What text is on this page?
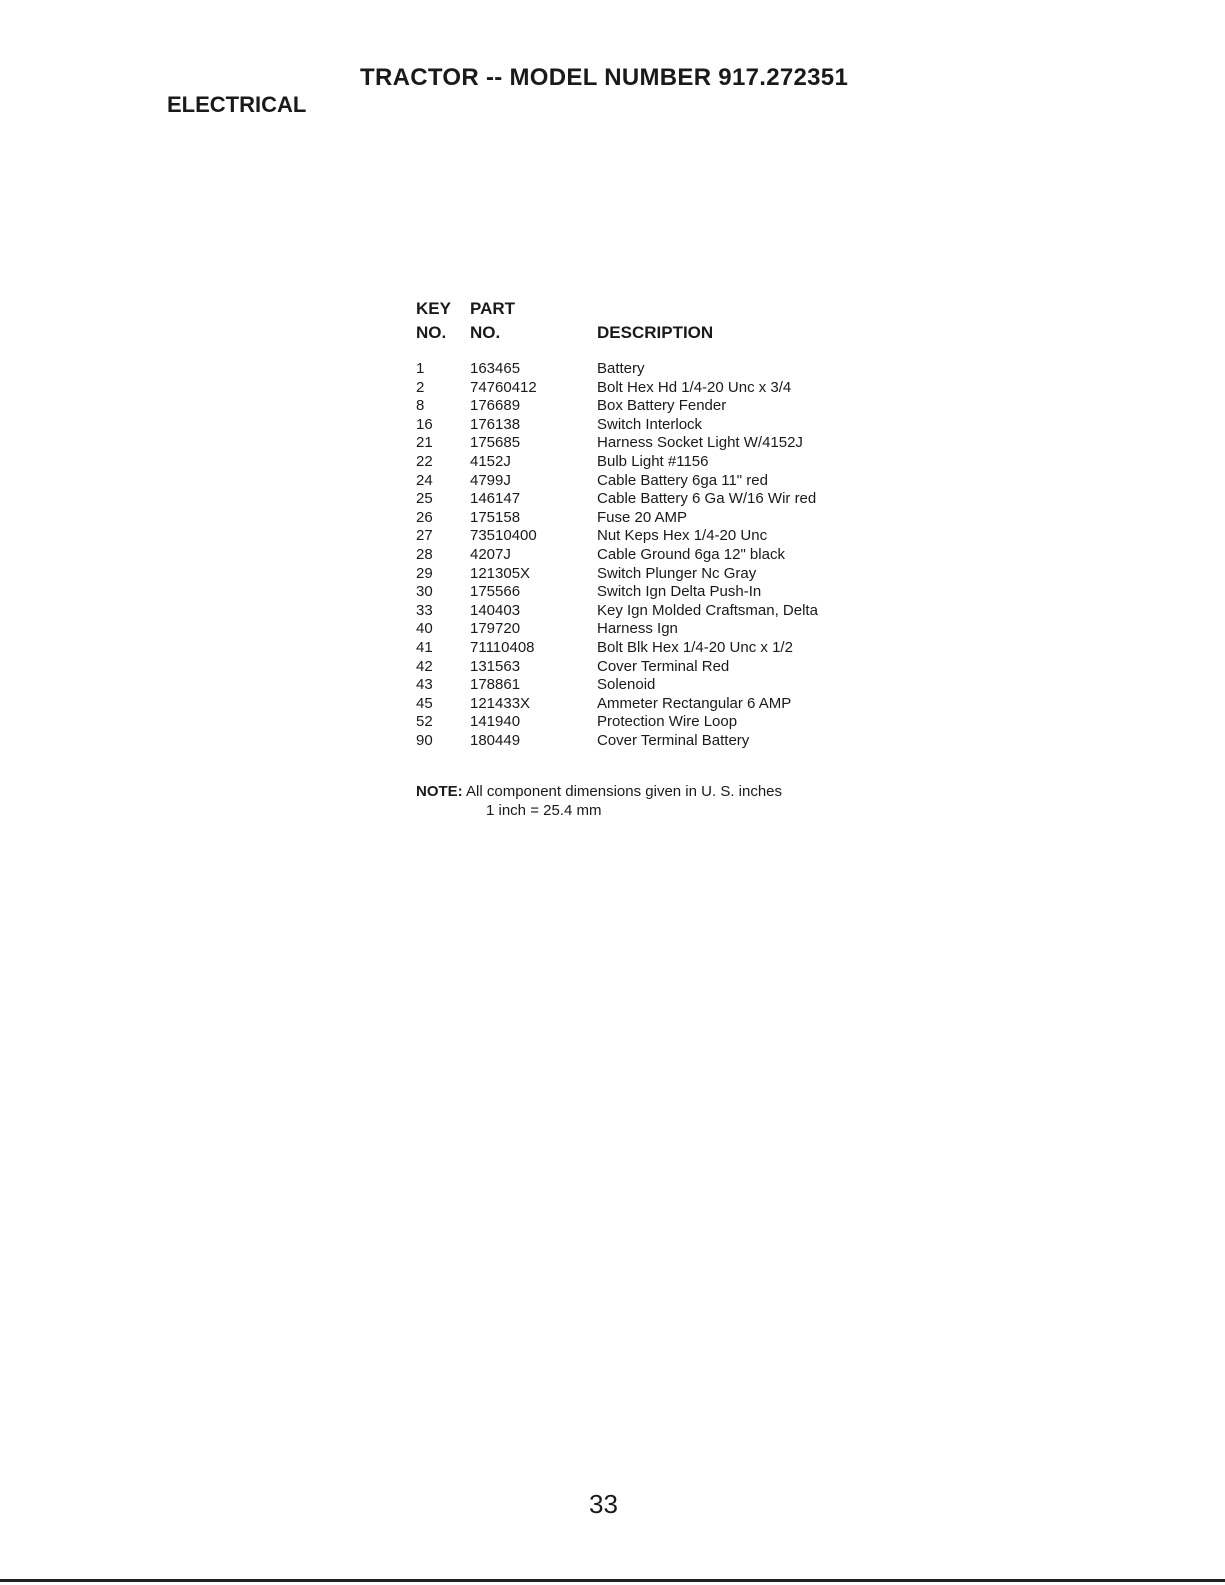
TRACTOR -- MODEL NUMBER 917.272351
ELECTRICAL
KEY PART
NO. NO.	DESCRIPTION
1	163465	Battery
2	74760412	Bolt Hex Hd 1/4-20 Unc x 3/4
8	176689	Box Battery Fender
16 176138	Switch Interlock
21 175685	Harness Socket Light W/4152J
22 4152J	Bulb Light #1156
24 4799J	Cable Battery 6ga 11" red
25 146147	Cable Battery 6 Ga W/16 Wir red
26 175158	Fuse 20 AMP
27 73510400	Nut Keps Hex 1/4-20 Unc
28 4207J	Cable Ground 6ga 12" black
29 121305X	Switch Plunger Nc Gray
30 175566	Switch Ign Delta Push-In
33 140403	Key Ign Molded Craftsman, Delta
40 179720	Harness Ign
41 71110408	Bolt Blk Hex 1/4-20 Unc x 1/2
42 131563	Cover Terminal Red
43 178861	Solenoid
45 121433X	Ammeter Rectangular 6 AMP
52 141940	Protection Wire Loop
90 180449	Cover Terminal Battery
NOTE: All component dimensions given in U. S. inches
1 inch = 25.4 mm
33
